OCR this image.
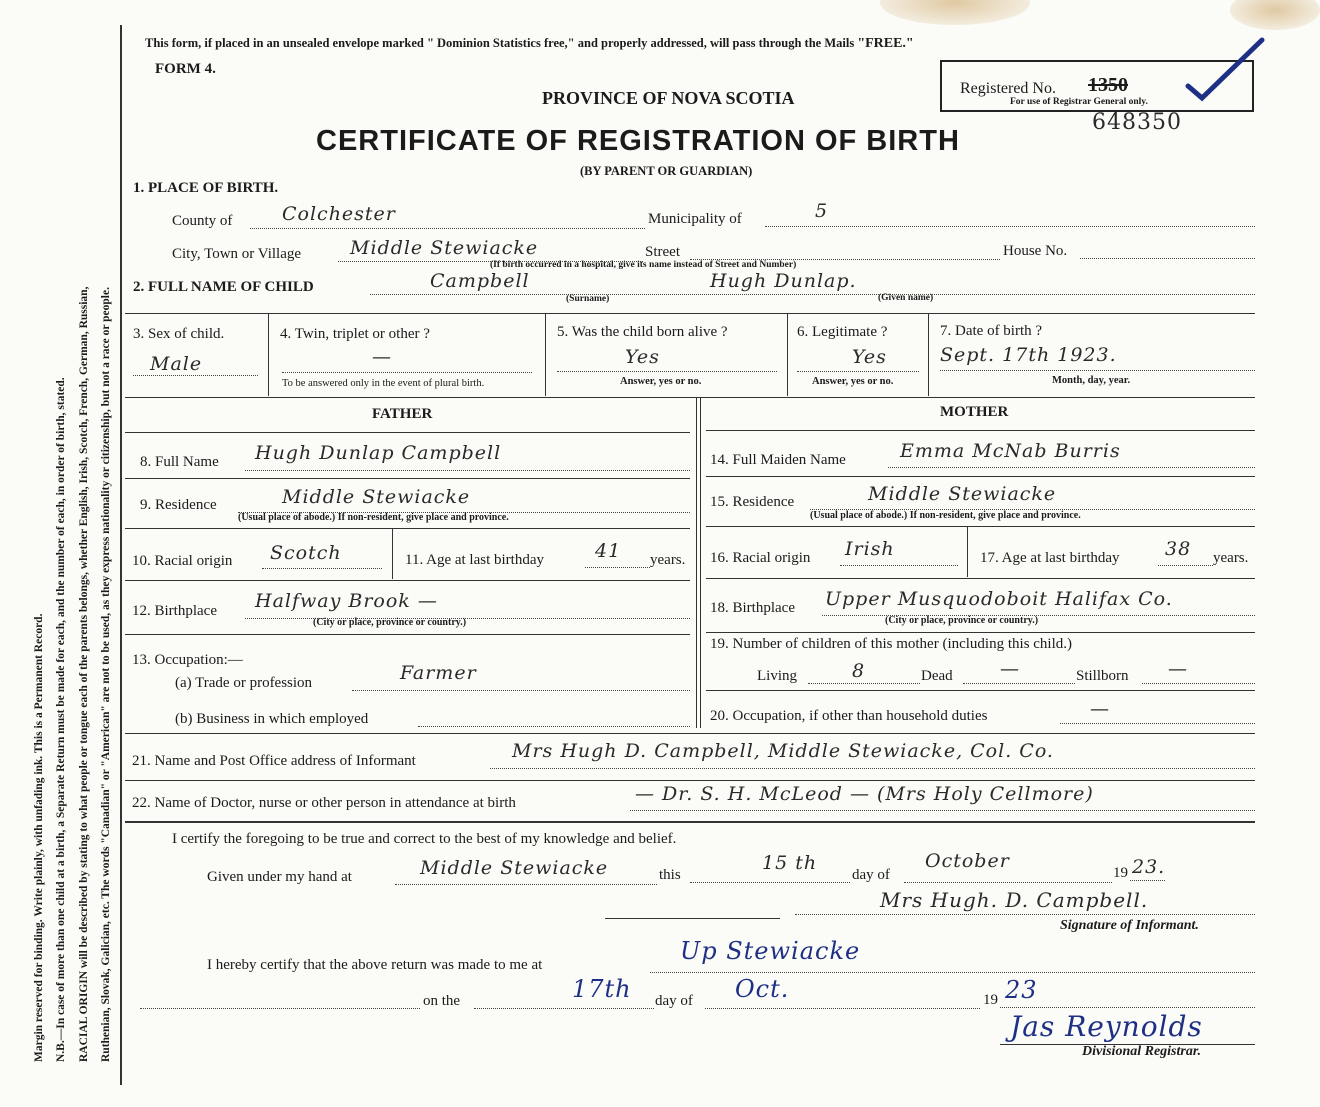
Margin reserved for binding. Write plainly, with unfading ink. This is a Permanent Record. N.B.—In case of more than one child at a birth, a Separate Return must be made for each, and the number of each, in order of birth, stated. RACIAL ORIGIN will be described by stating to what people or tongue each of the parents belongs, whether English, Irish, Scotch, French, German, Russian, Ruthenian, Slovak, Galician, etc. The words "Canadian" or "American" are not to be used, as they express nationality or citizenship, but not a race or people.
This form, if placed in an unsealed envelope marked " Dominion Statistics free," and properly addressed, will pass through the Mails "FREE."
FORM 4.
PROVINCE OF NOVA SCOTIA
CERTIFICATE OF REGISTRATION OF BIRTH
(BY PARENT OR GUARDIAN)
Registered No. 1350
For use of Registrar General only.
648350
1. PLACE OF BIRTH.
County of	Colchester	Municipality of	5
City, Town or Village	Middle Stewiacke	Street	House No.
(If birth occurred in a hospital, give its name instead of Street and Number)
2. FULL NAME OF CHILD	Campbell	Hugh Dunlap.
(Surname)	(Given name)
3. Sex of child.
Male
4. Twin, triplet or other ?
—
To be answered only in the event of plural birth.
5. Was the child born alive ?
Yes
Answer, yes or no.
6. Legitimate ?
Yes
Answer, yes or no.
7. Date of birth ?
Sept. 17th 1923.
Month, day, year.
FATHER	MOTHER
8. Full Name Hugh Dunlap Campbell
9. Residence	Middle Stewiacke
(Usual place of abode.) If non-resident, give place and province.
10. Racial origin Scotch	11. Age at last birthday	41 years.
12. Birthplace Halfway Brook —
(City or place, province or country.)
13. Occupation:—
(a) Trade or profession	Farmer
(b) Business in which employed
14. Full Maiden Name	Emma McNab Burris
15. Residence	Middle Stewiacke
(Usual place of abode.) If non-resident, give place and province.
16. Racial origin Irish	17. Age at last birthday 38 years.
18. Birthplace Upper Musquodoboit Halifax Co.
(City or place, province or country.)
19. Number of children of this mother (including this child.)
Living	8	Dead —	Stillborn —
20. Occupation, if other than household duties	—
21. Name and Post Office address of Informant	Mrs Hugh D. Campbell, Middle Stewiacke, Col. Co.
22. Name of Doctor, nurse or other person in attendance at birth	— Dr. S. H. McLeod — (Mrs Holy Cellmore)
I certify the foregoing to be true and correct to the best of my knowledge and belief.
Given under my hand at	Middle Stewiacke	this
15 th
day of
October
19 23.
Mrs Hugh. D. Campbell.
Signature of Informant.
I hereby certify that the above return was made to me at	Up Stewiacke
on the	17th day of Oct.	19 23
Jas Reynolds
Divisional Registrar.
